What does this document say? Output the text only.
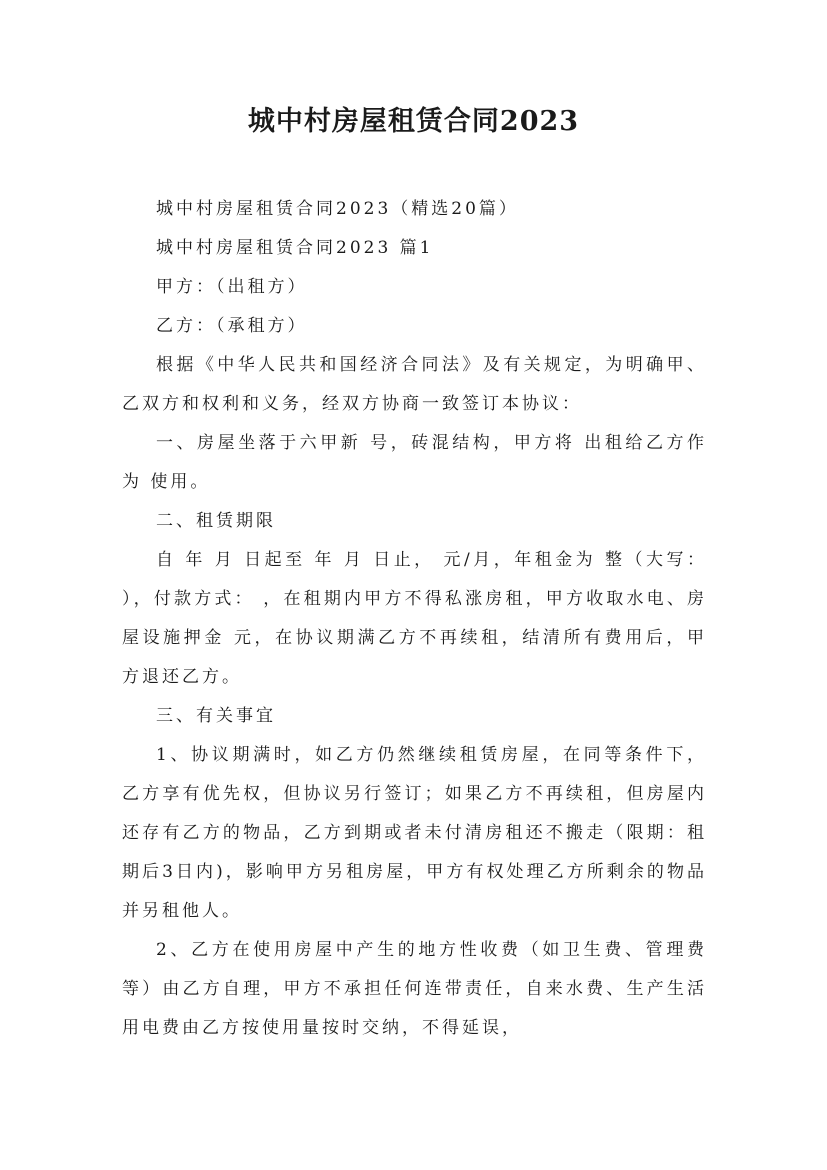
城中村房屋租赁合同2023

城中村房屋租赁合同2023（精选20篇）

城中村房屋租赁合同2023 篇1

甲方：（出租方）

乙方：（承租方）

根据《中华人民共和国经济合同法》及有关规定，为明确甲、乙双方和权利和义务，经双方协商一致签订本协议：

一、房屋坐落于六甲新 号，砖混结构，甲方将 出租给乙方作为 使用。

二、租赁期限

自 年 月 日起至 年 月 日止， 元/月，年租金为 整（大写： ），付款方式： ，在租期内甲方不得私涨房租，甲方收取水电、房屋设施押金 元，在协议期满乙方不再续租，结清所有费用后，甲方退还乙方。

三、有关事宜

1、协议期满时，如乙方仍然继续租赁房屋，在同等条件下，乙方享有优先权，但协议另行签订；如果乙方不再续租，但房屋内还存有乙方的物品，乙方到期或者未付清房租还不搬走（限期：租期后3日内)，影响甲方另租房屋，甲方有权处理乙方所剩余的物品并另租他人。

2、乙方在使用房屋中产生的地方性收费（如卫生费、管理费等）由乙方自理，甲方不承担任何连带责任，自来水费、生产生活用电费由乙方按使用量按时交纳，不得延误，
